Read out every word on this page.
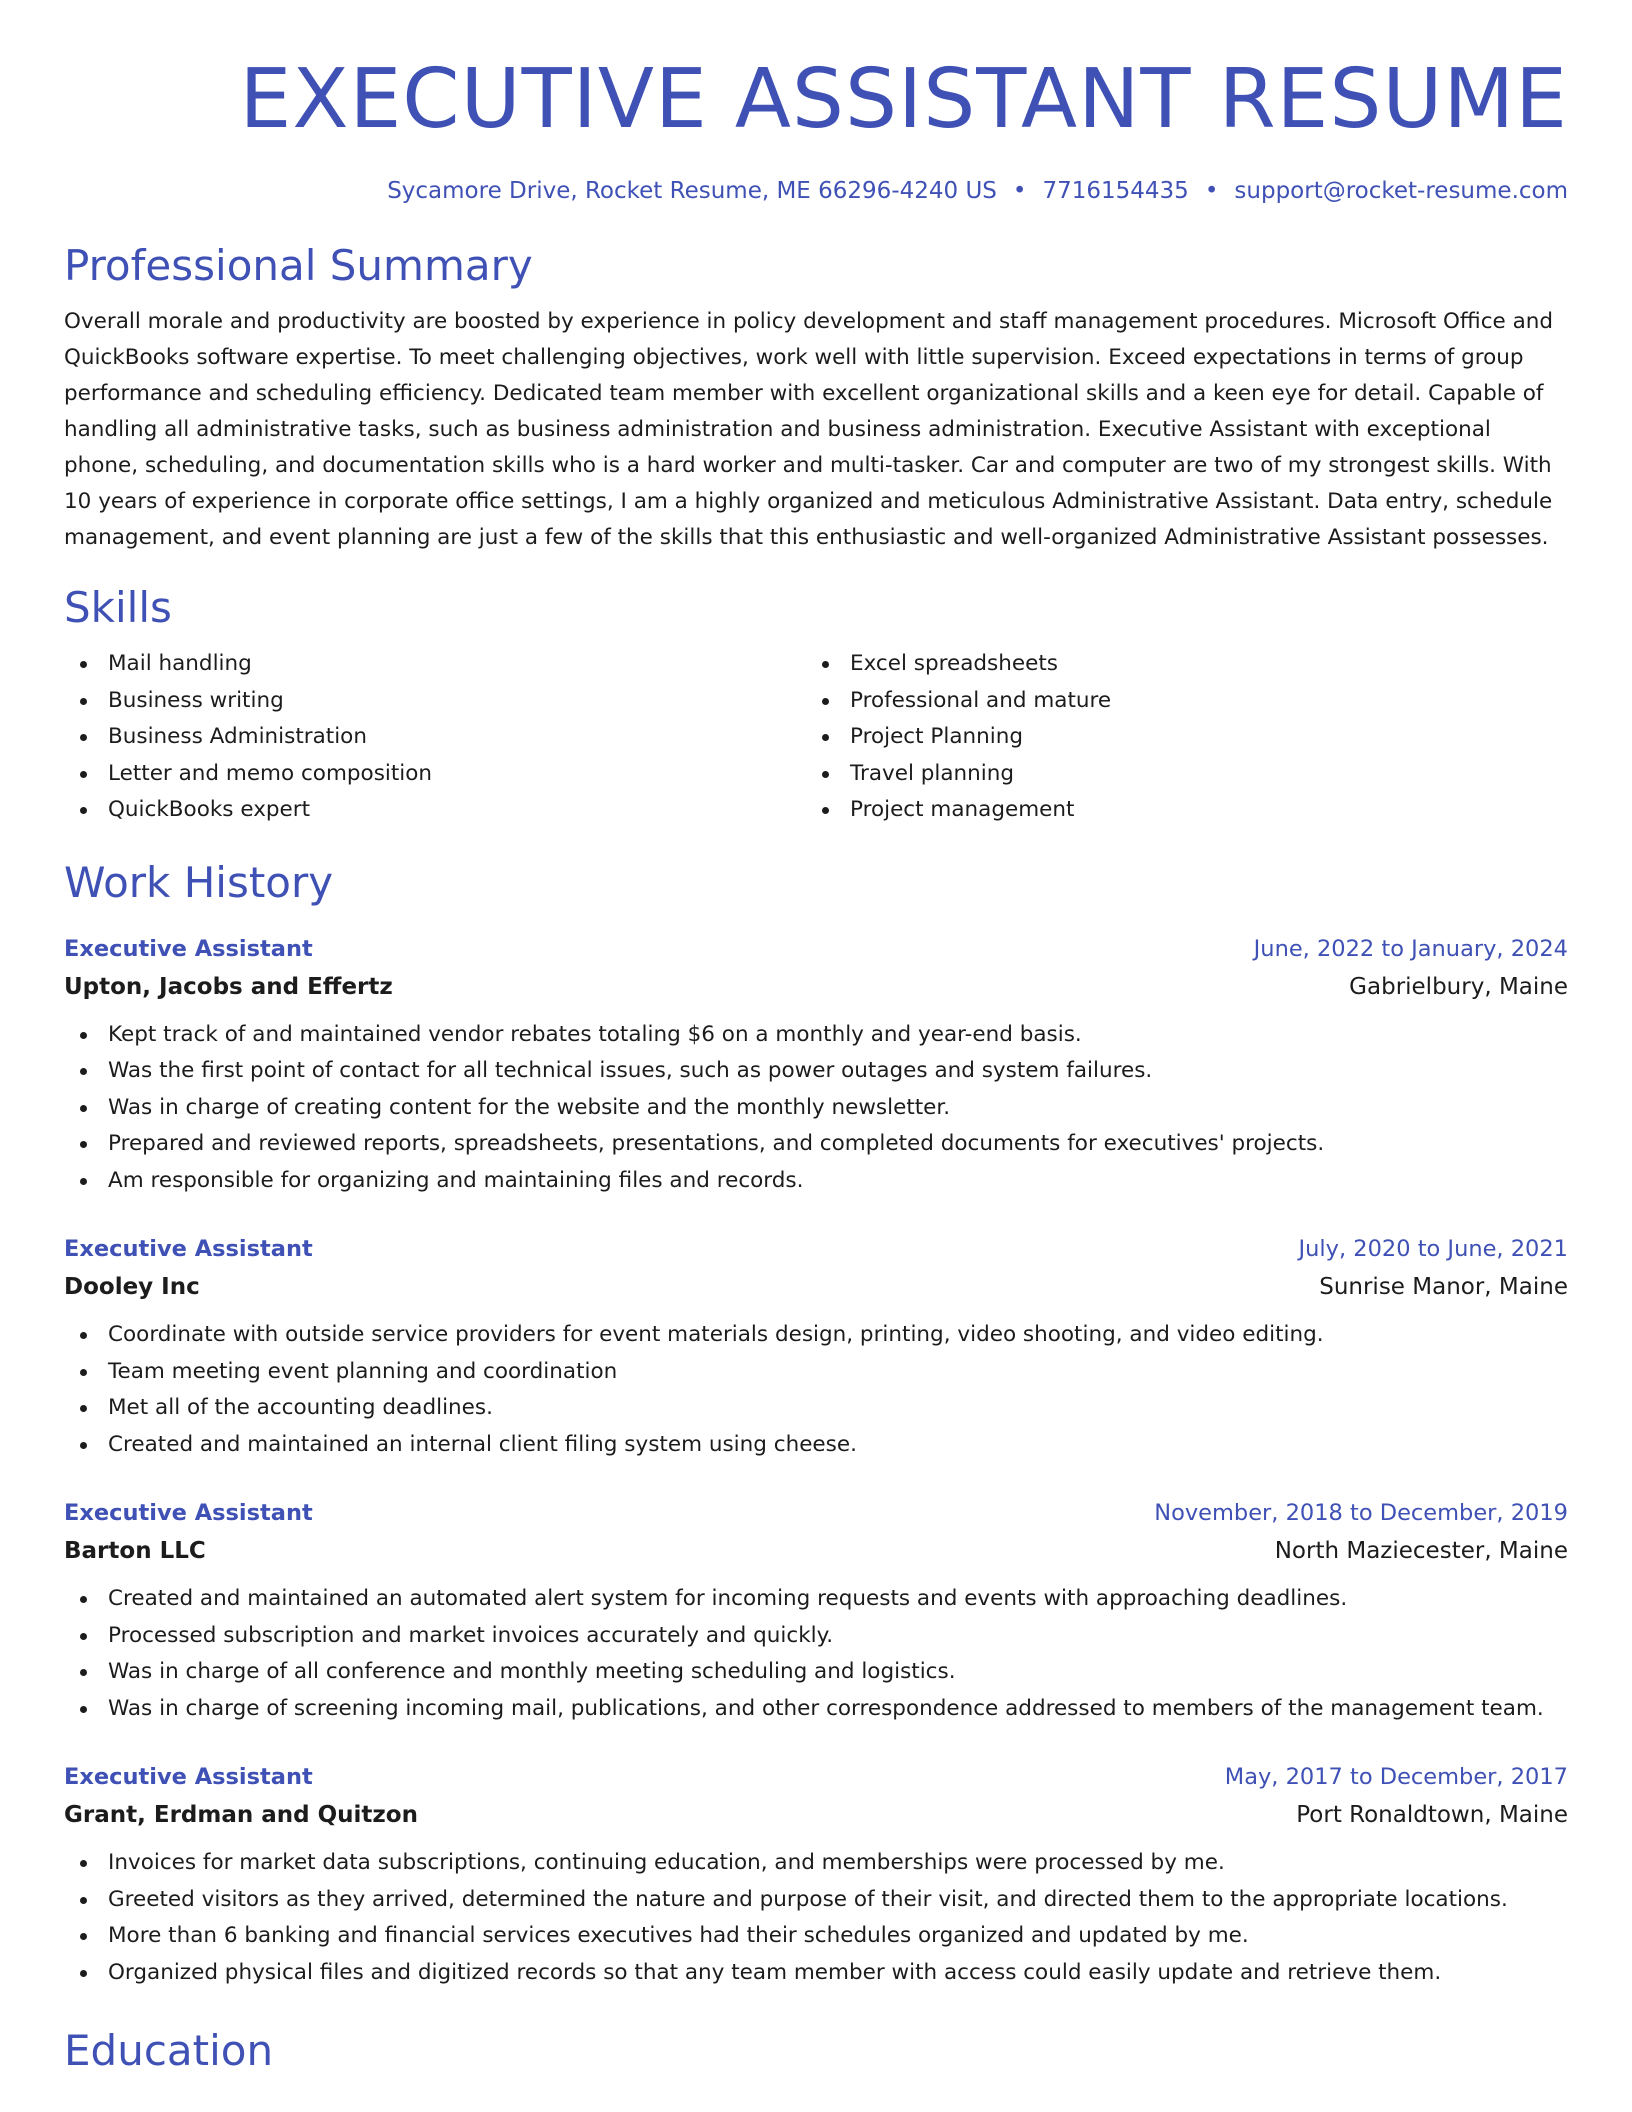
EXECUTIVE ASSISTANT RESUME
Sycamore Drive, Rocket Resume, ME 66296-4240 US • 7716154435 • support@rocket-resume.com
Professional Summary

Overall morale and productivity are boosted by experience in policy development and staff management procedures. Microsoft Office and QuickBooks software expertise. To meet challenging objectives, work well with little supervision. Exceed expectations in terms of group performance and scheduling efficiency. Dedicated team member with excellent organizational skills and a keen eye for detail. Capable of handling all administrative tasks, such as business administration and business administration. Executive Assistant with exceptional phone, scheduling, and documentation skills who is a hard worker and multi-tasker. Car and computer are two of my strongest skills. With 10 years of experience in corporate office settings, I am a highly organized and meticulous Administrative Assistant. Data entry, schedule management, and event planning are just a few of the skills that this enthusiastic and well-organized Administrative Assistant possesses.

Skills
Mail handling
Business writing
Business Administration
Letter and memo composition
QuickBooks expert
Excel spreadsheets
Professional and mature
Project Planning
Travel planning
Project management
Work History
Executive Assistant	June, 2022 to January, 2024
Upton, Jacobs and Effertz	Gabrielbury, Maine
Kept track of and maintained vendor rebates totaling $6 on a monthly and year-end basis.
Was the first point of contact for all technical issues, such as power outages and system failures.
Was in charge of creating content for the website and the monthly newsletter.
Prepared and reviewed reports, spreadsheets, presentations, and completed documents for executives' projects.
Am responsible for organizing and maintaining files and records.
Executive Assistant	July, 2020 to June, 2021
Dooley Inc	Sunrise Manor, Maine
Coordinate with outside service providers for event materials design, printing, video shooting, and video editing.
Team meeting event planning and coordination
Met all of the accounting deadlines.
Created and maintained an internal client filing system using cheese.
Executive Assistant	November, 2018 to December, 2019
Barton LLC	North Maziecester, Maine
Created and maintained an automated alert system for incoming requests and events with approaching deadlines.
Processed subscription and market invoices accurately and quickly.
Was in charge of all conference and monthly meeting scheduling and logistics.
Was in charge of screening incoming mail, publications, and other correspondence addressed to members of the management team.
Executive Assistant	May, 2017 to December, 2017
Grant, Erdman and Quitzon	Port Ronaldtown, Maine
Invoices for market data subscriptions, continuing education, and memberships were processed by me.
Greeted visitors as they arrived, determined the nature and purpose of their visit, and directed them to the appropriate locations.
More than 6 banking and financial services executives had their schedules organized and updated by me.
Organized physical files and digitized records so that any team member with access could easily update and retrieve them.
Education
